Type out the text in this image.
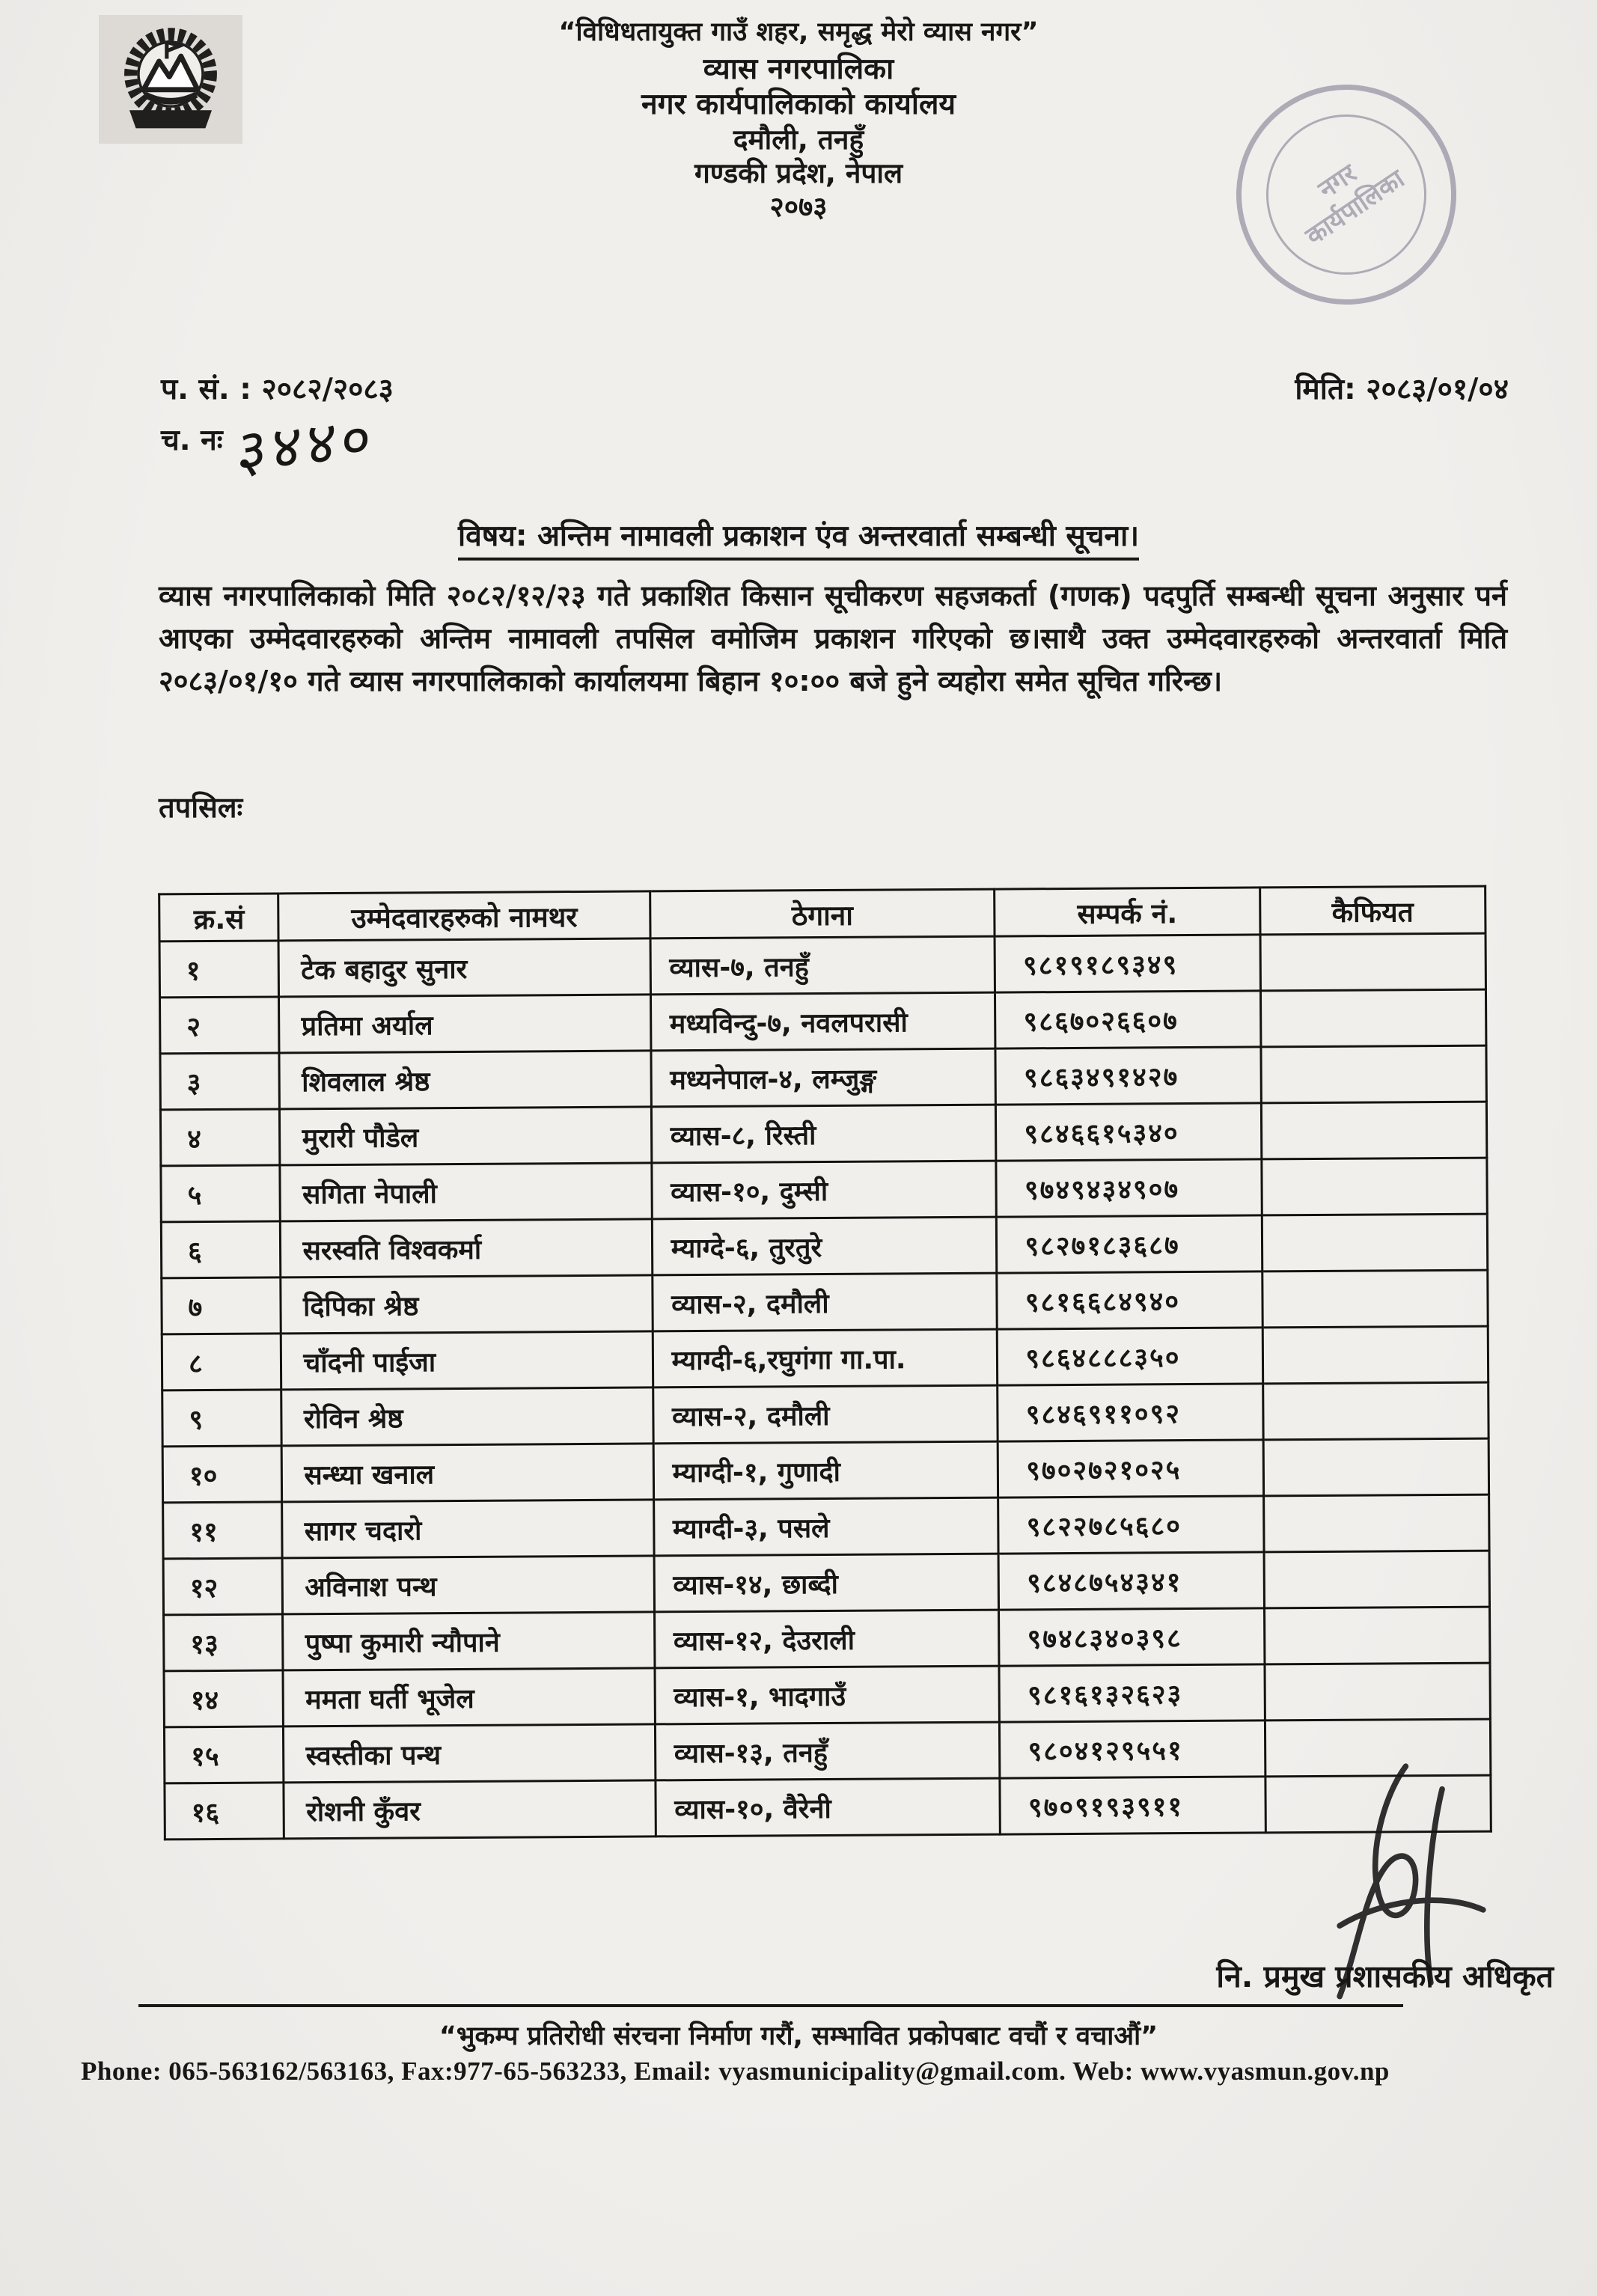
नगर कार्यपालिका
“विधिधतायुक्त गाउँ शहर, समृद्ध मेरो व्यास नगर”
व्यास नगरपालिका
नगर कार्यपालिकाको कार्यालय
दमौली, तनहुँ
गण्डकी प्रदेश, नेपाल
२०७३
प. सं. : २०८२/२०८३	मिति: २०८३/०१/०४
च. नः ३४४०
विषय: अन्तिम नामावली प्रकाशन एंव अन्तरवार्ता सम्बन्धी सूचना।
व्यास नगरपालिकाको मिति २०८२/१२/२३ गते प्रकाशित किसान सूचीकरण सहजकर्ता (गणक) पदपुर्ति सम्बन्धी सूचना अनुसार पर्न आएका उम्मेदवारहरुको अन्तिम नामावली तपसिल वमोजिम प्रकाशन गरिएको छ।साथै उक्त उम्मेदवारहरुको अन्तरवार्ता मिति २०८३/०१/१० गते व्यास नगरपालिकाको कार्यालयमा बिहान १०:०० बजे हुने व्यहोरा समेत सूचित गरिन्छ।
तपसिलः
क्र.सं	उम्मेदवारहरुको नामथर	ठेगाना	सम्पर्क नं.	कैफियत
१	टेक बहादुर सुनार	व्यास-७, तनहुँ	९८१९१८९३४९	
२	प्रतिमा अर्याल	मध्यविन्दु-७, नवलपरासी	९८६७०२६६०७	
३	शिवलाल श्रेष्ठ	मध्यनेपाल-४, लम्जुङ्ग	९८६३४९१४२७	
४	मुरारी पौडेल	व्यास-८, रिस्ती	९८४६६१५३४०	
५	सगिता नेपाली	व्यास-१०, दुम्सी	९७४९४३४९०७	
६	सरस्वति विश्वकर्मा	म्याग्दे-६, तुरतुरे	९८२७१८३६८७	
७	दिपिका श्रेष्ठ	व्यास-२, दमौली	९८१६६८४९४०	
८	चाँदनी पाईजा	म्याग्दी-६,रघुगंगा गा.पा.	९८६४८८८३५०	
९	रोविन श्रेष्ठ	व्यास-२, दमौली	९८४६९११०९२	
१०	सन्ध्या खनाल	म्याग्दी-१, गुणादी	९७०२७२१०२५	
११	सागर चदारो	म्याग्दी-३, पसले	९८२२७८५६८०	
१२	अविनाश पन्थ	व्यास-१४, छाब्दी	९८४८७५४३४१	
१३	पुष्पा कुमारी न्यौपाने	व्यास-१२, देउराली	९७४८३४०३९८	
१४	ममता घर्ती भूजेल	व्यास-१, भादगाउँ	९८१६१३२६२३	
१५	स्वस्तीका पन्थ	व्यास-१३, तनहुँ	९८०४१२९५५१	
१६	रोशनी कुँवर	व्यास-१०, वैरेनी	९७०९१९३९११	
नि. प्रमुख प्रशासकीय अधिकृत
“भुकम्प प्रतिरोधी संरचना निर्माण गरौं, सम्भावित प्रकोपबाट वचौं र वचाऔं”
Phone: 065-563162/563163, Fax:977-65-563233, Email: vyasmunicipality@gmail.com. Web: www.vyasmun.gov.np
